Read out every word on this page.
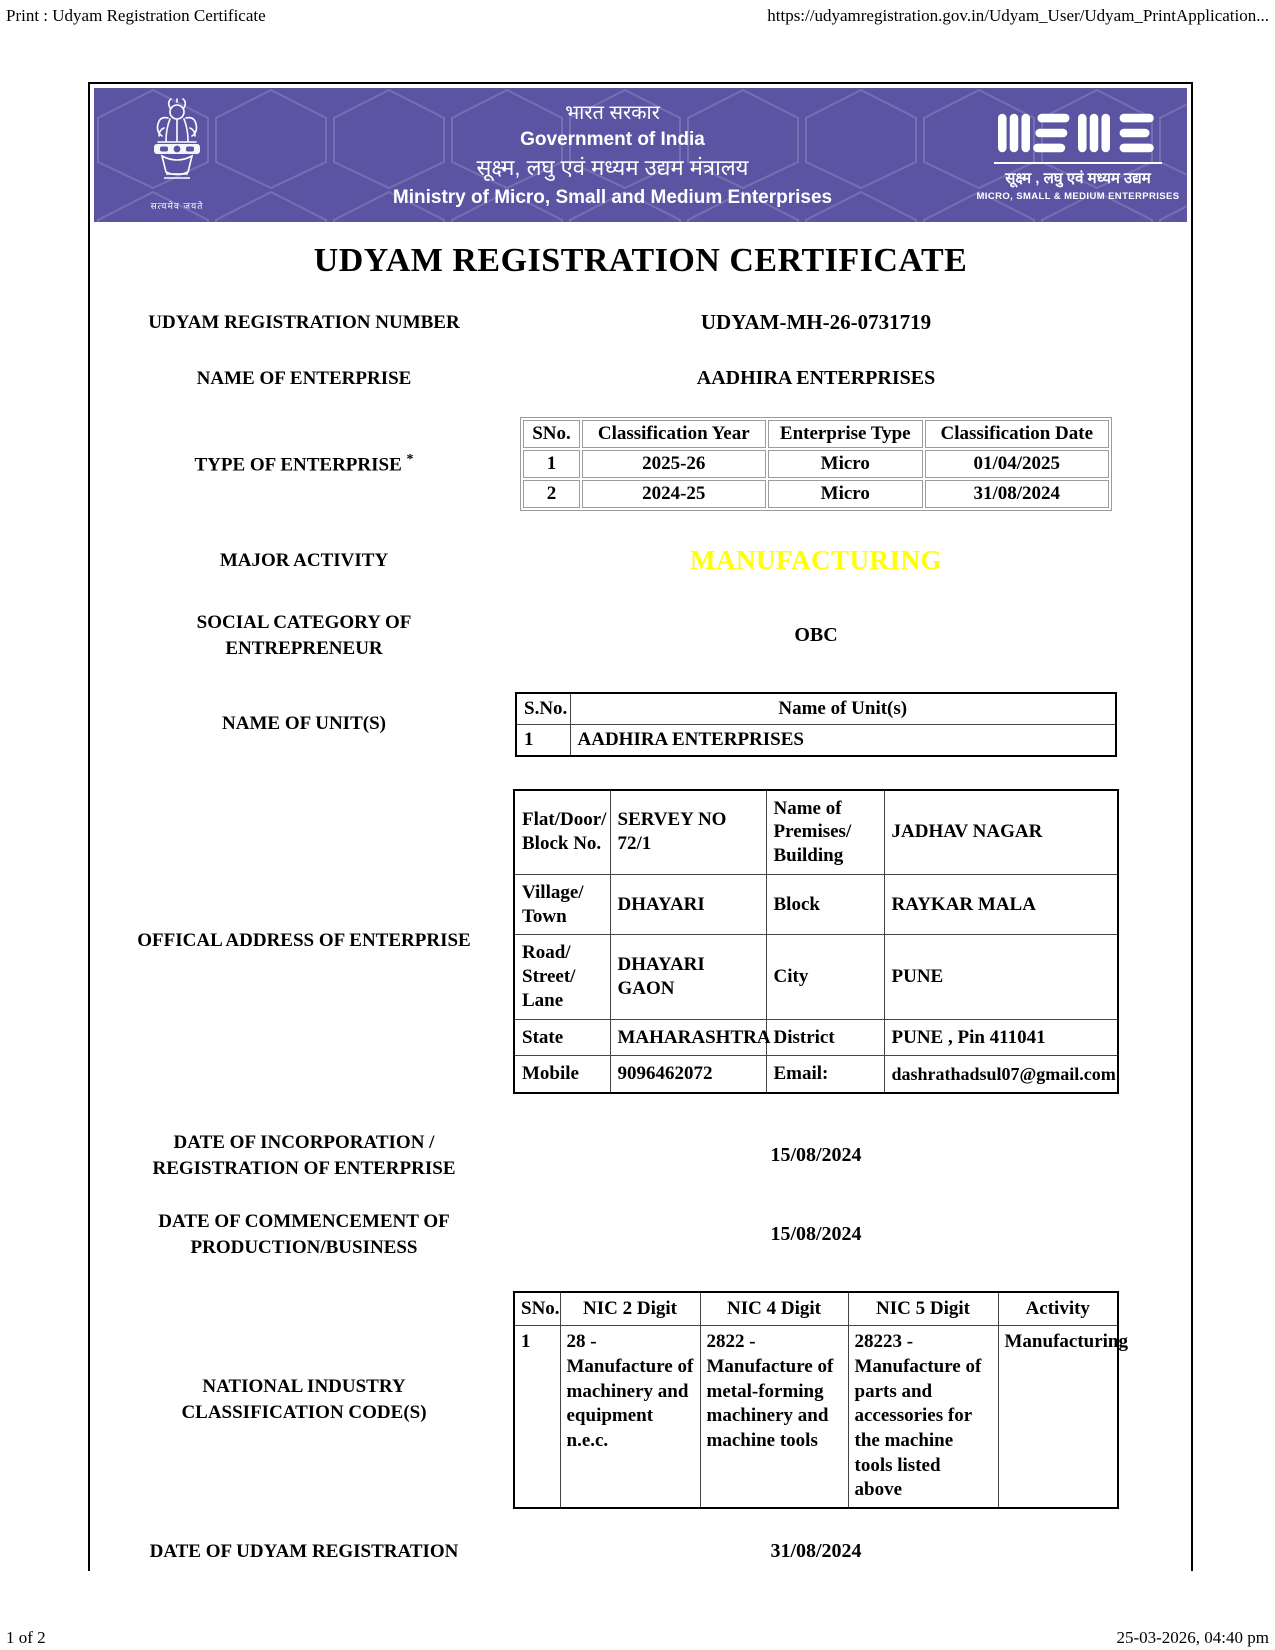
Print : Udyam Registration Certificate	https://udyamregistration.gov.in/Udyam_User/Udyam_PrintApplication...
सत्यमेव जयते
भारत सरकार
Government of India
सूक्ष्म, लघु एवं मध्यम उद्यम मंत्रालय
Ministry of Micro, Small and Medium Enterprises
सूक्ष्म , लघु एवं मध्यम उद्यम
MICRO, SMALL & MEDIUM ENTERPRISES
UDYAM REGISTRATION CERTIFICATE
UDYAM REGISTRATION NUMBER	UDYAM-MH-26-0731719
NAME OF ENTERPRISE	AADHIRA ENTERPRISES
TYPE OF ENTERPRISE *
SNo.	Classification Year	Enterprise Type	Classification Date
1	2025-26	Micro	01/04/2025
2	2024-25	Micro	31/08/2024
MAJOR ACTIVITY	MANUFACTURING
SOCIAL CATEGORY OF ENTREPRENEUR
OBC
NAME OF UNIT(S)
S.No.	Name of Unit(s)
1	AADHIRA ENTERPRISES
OFFICAL ADDRESS OF ENTERPRISE
Flat/Door/ Block No.	SERVEY NO 72/1	Name of Premises/ Building	JADHAV NAGAR
Village/ Town	DHAYARI	Block	RAYKAR MALA
Road/ Street/ Lane	DHAYARI GAON	City	PUNE
State	MAHARASHTRA	District	PUNE , Pin 411041
Mobile	9096462072	Email:	dashrathadsul07@gmail.com
DATE OF INCORPORATION / REGISTRATION OF ENTERPRISE
15/08/2024
DATE OF COMMENCEMENT OF PRODUCTION/BUSINESS
15/08/2024
NATIONAL INDUSTRY CLASSIFICATION CODE(S)
SNo.	NIC 2 Digit	NIC 4 Digit	NIC 5 Digit	Activity
1	28 - Manufacture of machinery and equipment n.e.c.	2822 - Manufacture of metal-forming machinery and machine tools	28223 - Manufacture of parts and accessories for the machine tools listed above	Manufacturing
DATE OF UDYAM REGISTRATION	31/08/2024
1 of 2	25-03-2026, 04:40 pm
